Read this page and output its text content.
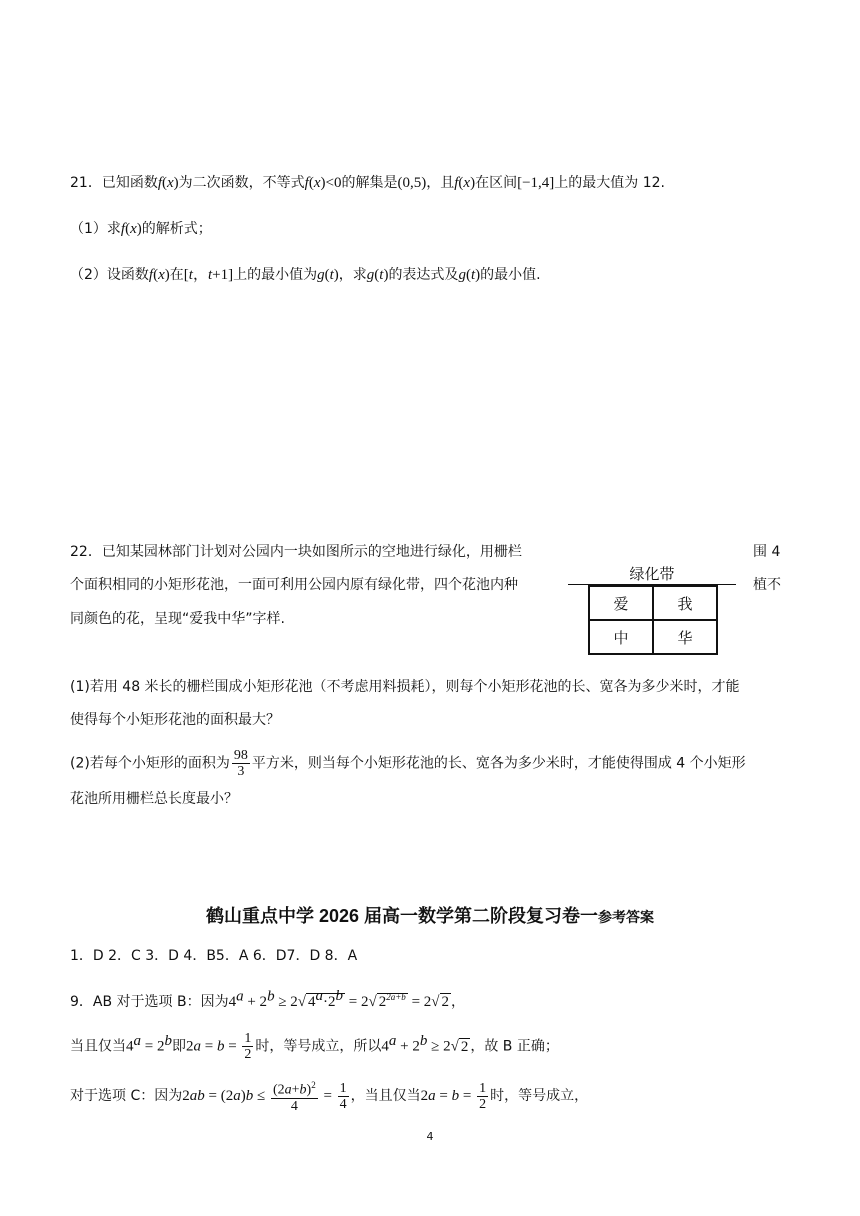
21．已知函数f(x)为二次函数，不等式f(x)<0的解集是(0,5)，且f(x)在区间[−1,4]上的最大值为 12.
（1）求f(x)的解析式；
（2）设函数f(x)在[t，t+1]上的最小值为g(t)，求g(t)的表达式及g(t)的最小值.
22．已知某园林部门计划对公园内一块如图所示的空地进行绿化，用栅栏	围 4
个面积相同的小矩形花池，一面可利用公园内原有绿化带，四个花池内种	植不
同颜色的花，呈现“爱我中华”字样.
绿化带
爱	我
中	华
(1)若用 48 米长的栅栏围成小矩形花池（不考虑用料损耗），则每个小矩形花池的长、宽各为多少米时，才能
使得每个小矩形花池的面积最大？
(2)若每个小矩形的面积为 $\frac{98}{3}$ 平方米，则当每个小矩形花池的长、宽各为多少米时，才能使得围成 4 个小矩形
花池所用栅栏总长度最小？
鹤山重点中学 2026 届高一数学第二阶段复习卷一参考答案
1．D 2．C 3．D 4．B5．A 6．D7．D 8．A
9．AB 对于选项 B：因为$4^a + 2^b \ge 2√$ $4^a\cdot 2^b = 2√$ $2^{2a+b} = 2√$ 2 ，
当且仅当$4^a = 2^b$即$2a = b = \frac{1}{2}$ 时，等号成立，所以$4^a + 2^b \ge 2√$ 2 ，故 B 正确；
对于选项 C：因为$2ab = (2a)b \le \frac{(2a+b)^2}{4} = \frac{1}{4}$ ，当且仅当$2a = b = \frac{1}{2}$ 时，等号成立，
4
